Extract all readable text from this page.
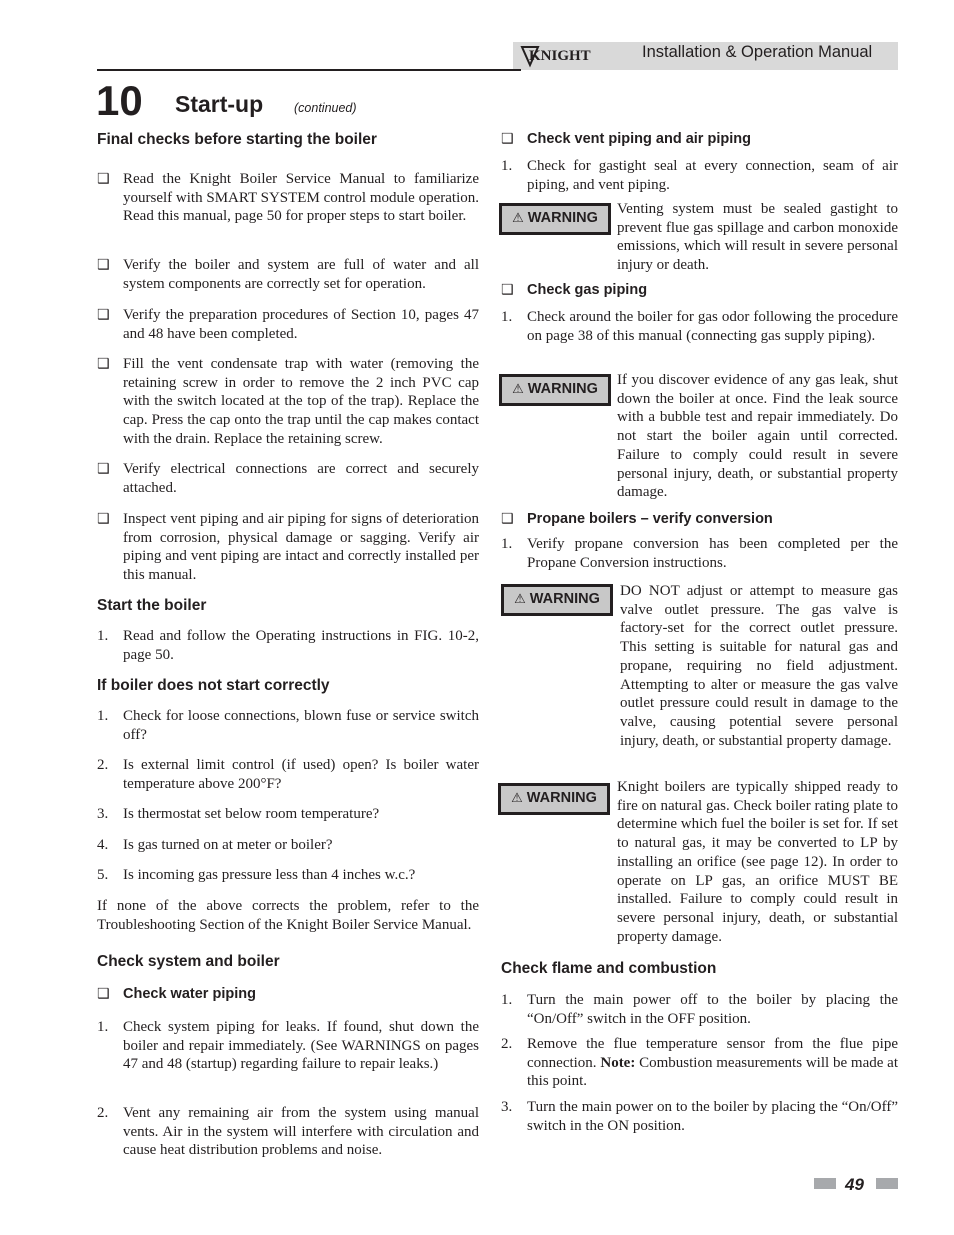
KNIGHT	Installation & Operation Manual
10 Start-up (continued)
Final checks before starting the boiler
❑ Read the Knight Boiler Service Manual to familiarize yourself with SMART SYSTEM control module operation. Read this manual, page 50 for proper steps to start boiler.

❑ Verify the boiler and system are full of water and all system components are correctly set for operation.

❑ Verify the preparation procedures of Section 10, pages 47 and 48 have been completed.

❑ Fill the vent condensate trap with water (removing the retaining screw in order to remove the 2 inch PVC cap with the switch located at the top of the trap). Replace the cap. Press the cap onto the trap until the cap makes contact with the drain. Replace the retaining screw.

❑ Verify electrical connections are correct and securely attached.

❑ Inspect vent piping and air piping for signs of deterioration from corrosion, physical damage or sagging. Verify air piping and vent piping are intact and correctly installed per this manual.

Start the boiler
1. Read and follow the Operating instructions in FIG. 10-2, page 50.

If boiler does not start correctly
1. Check for loose connections, blown fuse or service switch off?

2. Is external limit control (if used) open? Is boiler water temperature above 200°F?

3. Is thermostat set below room temperature?

4. Is gas turned on at meter or boiler?

5. Is incoming gas pressure less than 4 inches w.c.?

If none of the above corrects the problem, refer to the Troubleshooting Section of the Knight Boiler Service Manual.

Check system and boiler
❑ Check water piping
1. Check system piping for leaks. If found, shut down the boiler and repair immediately. (See WARNINGS on pages 47 and 48 (startup) regarding failure to repair leaks.)

2. Vent any remaining air from the system using manual vents. Air in the system will interfere with circulation and cause heat distribution problems and noise.

❑ Check vent piping and air piping
1. Check for gastight seal at every connection, seam of air piping, and vent piping.

⚠ WARNING

Venting system must be sealed gastight to prevent flue gas spillage and carbon monoxide emissions, which will result in severe personal injury or death.

❑ Check gas piping
1. Check around the boiler for gas odor following the procedure on page 38 of this manual (connecting gas supply piping).

⚠ WARNING

If you discover evidence of any gas leak, shut down the boiler at once. Find the leak source with a bubble test and repair immediately. Do not start the boiler again until corrected. Failure to comply could result in severe personal injury, death, or substantial property damage.

❑ Propane boilers – verify conversion
1. Verify propane conversion has been completed per the Propane Conversion instructions.

⚠ WARNING	DO NOT adjust or attempt to measure gas valve outlet pressure. The gas valve is factory-set for the correct outlet pressure. This setting is suitable for natural gas and propane, requiring no field adjustment. Attempting to alter or measure the gas valve outlet pressure could result in damage to the valve, causing potential severe personal injury, death, or substantial property damage.

⚠ WARNING

Knight boilers are typically shipped ready to fire on natural gas. Check boiler rating plate to determine which fuel the boiler is set for. If set to natural gas, it may be converted to LP by installing an orifice (see page 12). In order to operate on LP gas, an orifice MUST BE installed. Failure to comply could result in severe personal injury, death, or substantial property damage.

Check flame and combustion
1. Turn the main power off to the boiler by placing the “On/Off” switch in the OFF position.

2. Remove the flue temperature sensor from the flue pipe connection. Note: Combustion measurements will be made at this point.

3. Turn the main power on to the boiler by placing the “On/Off” switch in the ON position.

49
